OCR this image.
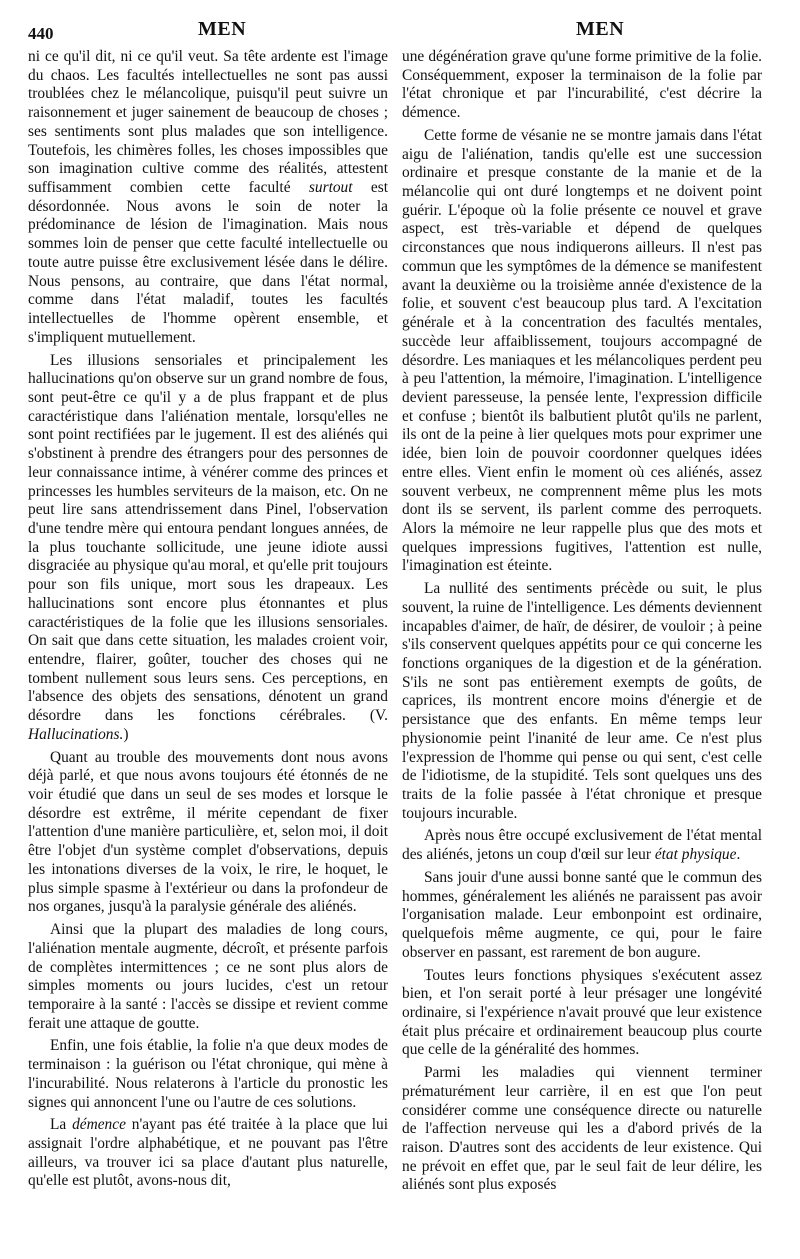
440	MEN	MEN

ni ce qu'il dit, ni ce qu'il veut. Sa tête ardente est l'image du chaos. Les facultés intellectuelles ne sont pas aussi troublées chez le mélancolique, puisqu'il peut suivre un raisonnement et juger sainement de beaucoup de choses ; ses sentiments sont plus malades que son intelligence. Toutefois, les chimères folles, les choses impossibles que son imagination cultive comme des réalités, attestent suffisamment combien cette faculté surtout est désordonnée. Nous avons le soin de noter la prédominance de lésion de l'imagination. Mais nous sommes loin de penser que cette faculté intellectuelle ou toute autre puisse être exclusivement lésée dans le délire. Nous pensons, au contraire, que dans l'état normal, comme dans l'état maladif, toutes les facultés intellectuelles de l'homme opèrent ensemble, et s'impliquent mutuellement.

Les illusions sensoriales et principalement les hallucinations qu'on observe sur un grand nombre de fous, sont peut-être ce qu'il y a de plus frappant et de plus caractéristique dans l'aliénation mentale, lorsqu'elles ne sont point rectifiées par le jugement. Il est des aliénés qui s'obstinent à prendre des étrangers pour des personnes de leur connaissance intime, à vénérer comme des princes et princesses les humbles serviteurs de la maison, etc. On ne peut lire sans attendrissement dans Pinel, l'observation d'une tendre mère qui entoura pendant longues années, de la plus touchante sollicitude, une jeune idiote aussi disgraciée au physique qu'au moral, et qu'elle prit toujours pour son fils unique, mort sous les drapeaux. Les hallucinations sont encore plus étonnantes et plus caractéristiques de la folie que les illusions sensoriales. On sait que dans cette situation, les malades croient voir, entendre, flairer, goûter, toucher des choses qui ne tombent nullement sous leurs sens. Ces perceptions, en l'absence des objets des sensations, dénotent un grand désordre dans les fonctions cérébrales. (V. Hallucinations.)

Quant au trouble des mouvements dont nous avons déjà parlé, et que nous avons toujours été étonnés de ne voir étudié que dans un seul de ses modes et lorsque le désordre est extrême, il mérite cependant de fixer l'attention d'une manière particulière, et, selon moi, il doit être l'objet d'un système complet d'observations, depuis les intonations diverses de la voix, le rire, le hoquet, le plus simple spasme à l'extérieur ou dans la profondeur de nos organes, jusqu'à la paralysie générale des aliénés.

Ainsi que la plupart des maladies de long cours, l'aliénation mentale augmente, décroît, et présente parfois de complètes intermittences ; ce ne sont plus alors de simples moments ou jours lucides, c'est un retour temporaire à la santé : l'accès se dissipe et revient comme ferait une attaque de goutte.

Enfin, une fois établie, la folie n'a que deux modes de terminaison : la guérison ou l'état chronique, qui mène à l'incurabilité. Nous relaterons à l'article du pronostic les signes qui annoncent l'une ou l'autre de ces solutions.

La démence n'ayant pas été traitée à la place que lui assignait l'ordre alphabétique, et ne pouvant pas l'être ailleurs, va trouver ici sa place d'autant plus naturelle, qu'elle est plutôt, avons-nous dit,

une dégénération grave qu'une forme primitive de la folie. Conséquemment, exposer la terminaison de la folie par l'état chronique et par l'incurabilité, c'est décrire la démence.

Cette forme de vésanie ne se montre jamais dans l'état aigu de l'aliénation, tandis qu'elle est une succession ordinaire et presque constante de la manie et de la mélancolie qui ont duré longtemps et ne doivent point guérir. L'époque où la folie présente ce nouvel et grave aspect, est très-variable et dépend de quelques circonstances que nous indiquerons ailleurs. Il n'est pas commun que les symptômes de la démence se manifestent avant la deuxième ou la troisième année d'existence de la folie, et souvent c'est beaucoup plus tard. A l'excitation générale et à la concentration des facultés mentales, succède leur affaiblissement, toujours accompagné de désordre. Les maniaques et les mélancoliques perdent peu à peu l'attention, la mémoire, l'imagination. L'intelligence devient paresseuse, la pensée lente, l'expression difficile et confuse ; bientôt ils balbutient plutôt qu'ils ne parlent, ils ont de la peine à lier quelques mots pour exprimer une idée, bien loin de pouvoir coordonner quelques idées entre elles. Vient enfin le moment où ces aliénés, assez souvent verbeux, ne comprennent même plus les mots dont ils se servent, ils parlent comme des perroquets. Alors la mémoire ne leur rappelle plus que des mots et quelques impressions fugitives, l'attention est nulle, l'imagination est éteinte.

La nullité des sentiments précède ou suit, le plus souvent, la ruine de l'intelligence. Les déments deviennent incapables d'aimer, de haïr, de désirer, de vouloir ; à peine s'ils conservent quelques appétits pour ce qui concerne les fonctions organiques de la digestion et de la génération. S'ils ne sont pas entièrement exempts de goûts, de caprices, ils montrent encore moins d'énergie et de persistance que des enfants. En même temps leur physionomie peint l'inanité de leur ame. Ce n'est plus l'expression de l'homme qui pense ou qui sent, c'est celle de l'idiotisme, de la stupidité. Tels sont quelques uns des traits de la folie passée à l'état chronique et presque toujours incurable.

Après nous être occupé exclusivement de l'état mental des aliénés, jetons un coup d'œil sur leur état physique.

Sans jouir d'une aussi bonne santé que le commun des hommes, généralement les aliénés ne paraissent pas avoir l'organisation malade. Leur embonpoint est ordinaire, quelquefois même augmente, ce qui, pour le faire observer en passant, est rarement de bon augure.

Toutes leurs fonctions physiques s'exécutent assez bien, et l'on serait porté à leur présager une longévité ordinaire, si l'expérience n'avait prouvé que leur existence était plus précaire et ordinairement beaucoup plus courte que celle de la généralité des hommes.

Parmi les maladies qui viennent terminer prématurément leur carrière, il en est que l'on peut considérer comme une conséquence directe ou naturelle de l'affection nerveuse qui les a d'abord privés de la raison. D'autres sont des accidents de leur existence. Qui ne prévoit en effet que, par le seul fait de leur délire, les aliénés sont plus exposés
